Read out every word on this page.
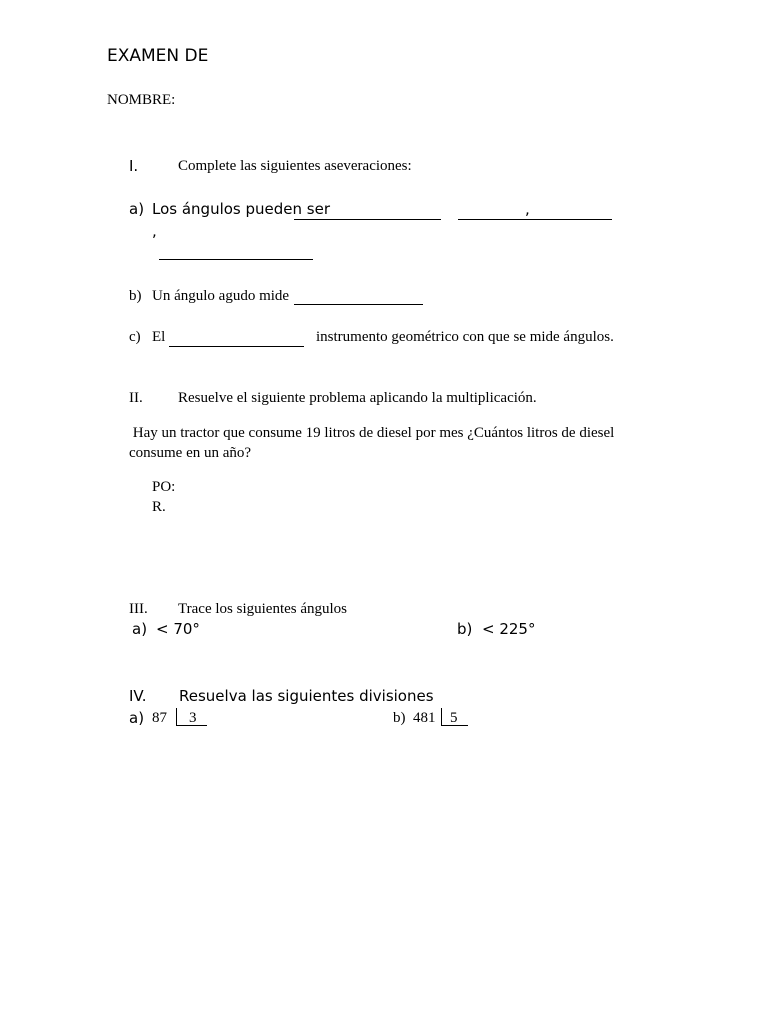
EXAMEN DE
NOMBRE:
I.	Complete las siguientes aseveraciones:
a) Los ángulos pueden ser	,
,
b) Un ángulo agudo mide
c) El	instrumento geométrico con que se mide ángulos.
II. Resuelve el siguiente problema aplicando la multiplicación.
Hay un tractor que consume 19 litros de diesel por mes ¿Cuántos litros de diesel
consume en un año?
PO:
R.
III. Trace los siguientes ángulos
a) < 70°	b) < 225°
IV. Resuelva las siguientes divisiones
a) 87 3	b) 481 5
